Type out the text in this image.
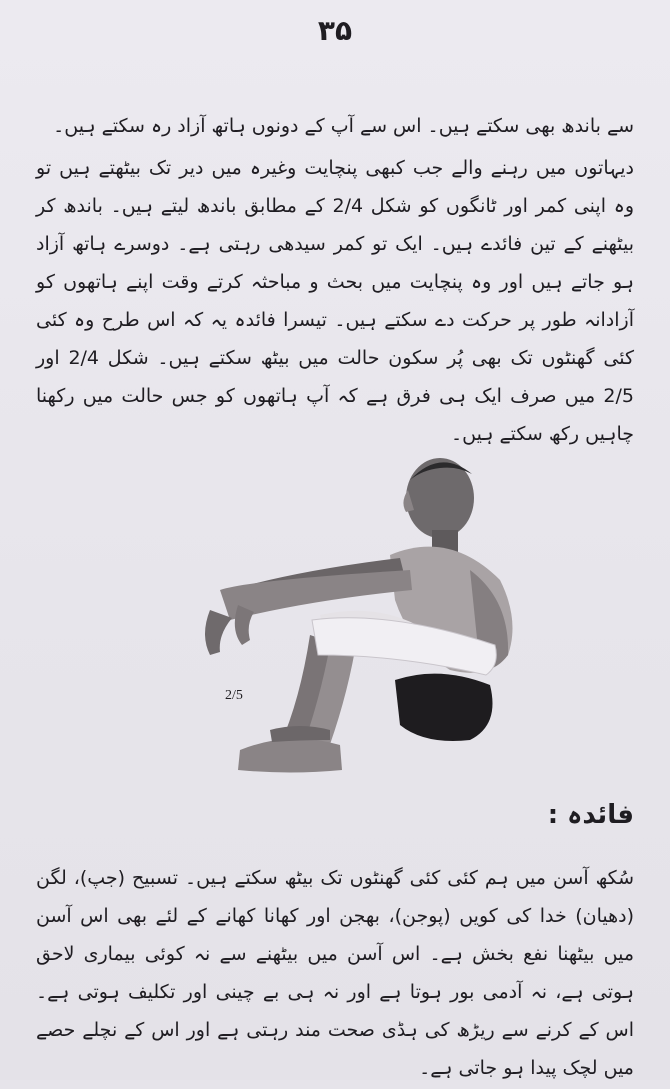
۳۵

سے باندھ بھی سکتے ہیں۔ اس سے آپ کے دونوں ہاتھ آزاد رہ سکتے ہیں۔

دیہاتوں میں رہنے والے جب کبھی پنچایت وغیرہ میں دیر تک بیٹھتے ہیں تو وہ اپنی کمر اور ٹانگوں کو شکل 2/4 کے مطابق باندھ لیتے ہیں۔ باندھ کر بیٹھنے کے تین فائدے ہیں۔ ایک تو کمر سیدھی رہتی ہے۔ دوسرے ہاتھ آزاد ہو جاتے ہیں اور وہ پنچایت میں بحث و مباحثہ کرتے وقت اپنے ہاتھوں کو آزادانہ طور پر حرکت دے سکتے ہیں۔ تیسرا فائدہ یہ کہ اس طرح وہ کئی کئی گھنٹوں تک بھی پُر سکون حالت میں بیٹھ سکتے ہیں۔ شکل 2/4 اور 2/5 میں صرف ایک ہی فرق ہے کہ آپ ہاتھوں کو جس حالت میں رکھنا چاہیں رکھ سکتے ہیں۔

2/5
فائدہ :

سُکھ آسن میں ہم کئی کئی گھنٹوں تک بیٹھ سکتے ہیں۔ تسبیح (جپ)، لگن (دھیان) خدا کی کویں (پوجن)، بھجن اور کھانا کھانے کے لئے بھی اس آسن میں بیٹھنا نفع بخش ہے۔ اس آسن میں بیٹھنے سے نہ کوئی بیماری لاحق ہوتی ہے، نہ آدمی بور ہوتا ہے اور نہ ہی بے چینی اور تکلیف ہوتی ہے۔ اس کے کرنے سے ریڑھ کی ہڈی صحت مند رہتی ہے اور اس کے نچلے حصے میں لچک پیدا ہو جاتی ہے۔
